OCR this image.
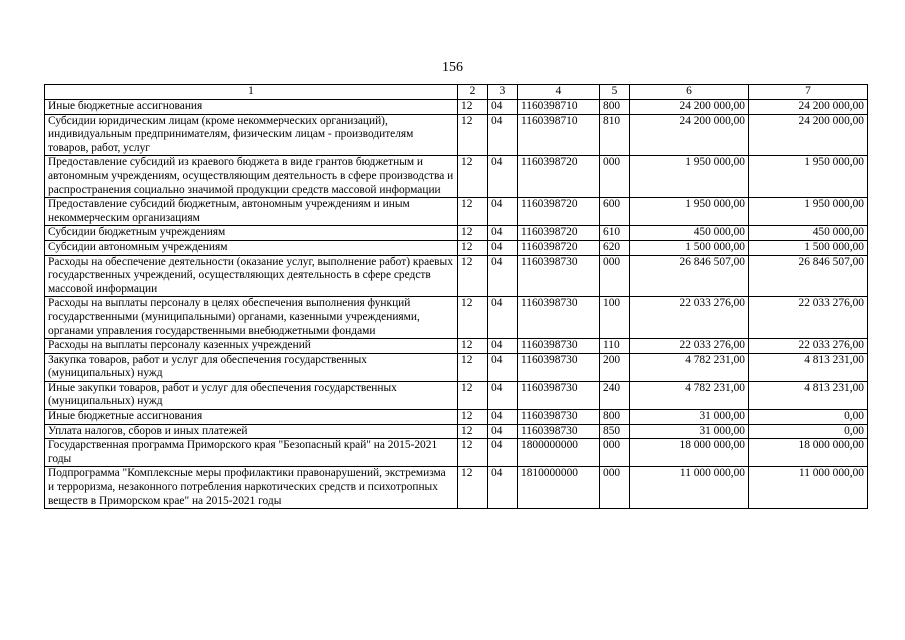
156
1	2	3	4	5	6	7
Иные бюджетные ассигнования	12	04	1160398710	800	24 200 000,00	24 200 000,00
Субсидии юридическим лицам (кроме некоммерческих организаций), индивидуальным предпринимателям, физическим лицам - производителям товаров, работ, услуг	12	04	1160398710	810	24 200 000,00	24 200 000,00
Предоставление субсидий из краевого бюджета в виде грантов бюджетным и автономным учреждениям, осуществляющим деятельность в сфере производства и распространения социально значимой продукции средств массовой информации	12	04	1160398720	000	1 950 000,00	1 950 000,00
Предоставление субсидий бюджетным, автономным учреждениям и иным некоммерческим организациям	12	04	1160398720	600	1 950 000,00	1 950 000,00
Субсидии бюджетным учреждениям	12	04	1160398720	610	450 000,00	450 000,00
Субсидии автономным учреждениям	12	04	1160398720	620	1 500 000,00	1 500 000,00
Расходы на обеспечение деятельности (оказание услуг, выполнение работ) краевых государственных учреждений, осуществляющих деятельность в сфере средств массовой информации	12	04	1160398730	000	26 846 507,00	26 846 507,00
Расходы на выплаты персоналу в целях обеспечения выполнения функций государственными (муниципальными) органами, казенными учреждениями, органами управления государственными внебюджетными фондами	12	04	1160398730	100	22 033 276,00	22 033 276,00
Расходы на выплаты персоналу казенных учреждений	12	04	1160398730	110	22 033 276,00	22 033 276,00
Закупка товаров, работ и услуг для обеспечения государственных (муниципальных) нужд	12	04	1160398730	200	4 782 231,00	4 813 231,00
Иные закупки товаров, работ и услуг для обеспечения государственных (муниципальных) нужд	12	04	1160398730	240	4 782 231,00	4 813 231,00
Иные бюджетные ассигнования	12	04	1160398730	800	31 000,00	0,00
Уплата налогов, сборов и иных платежей	12	04	1160398730	850	31 000,00	0,00
Государственная программа Приморского края "Безопасный край" на 2015-2021 годы	12	04	1800000000	000	18 000 000,00	18 000 000,00
Подпрограмма "Комплексные меры профилактики правонарушений, экстремизма и терроризма, незаконного потребления наркотических средств и психотропных веществ в Приморском крае" на 2015-2021 годы	12	04	1810000000	000	11 000 000,00	11 000 000,00
